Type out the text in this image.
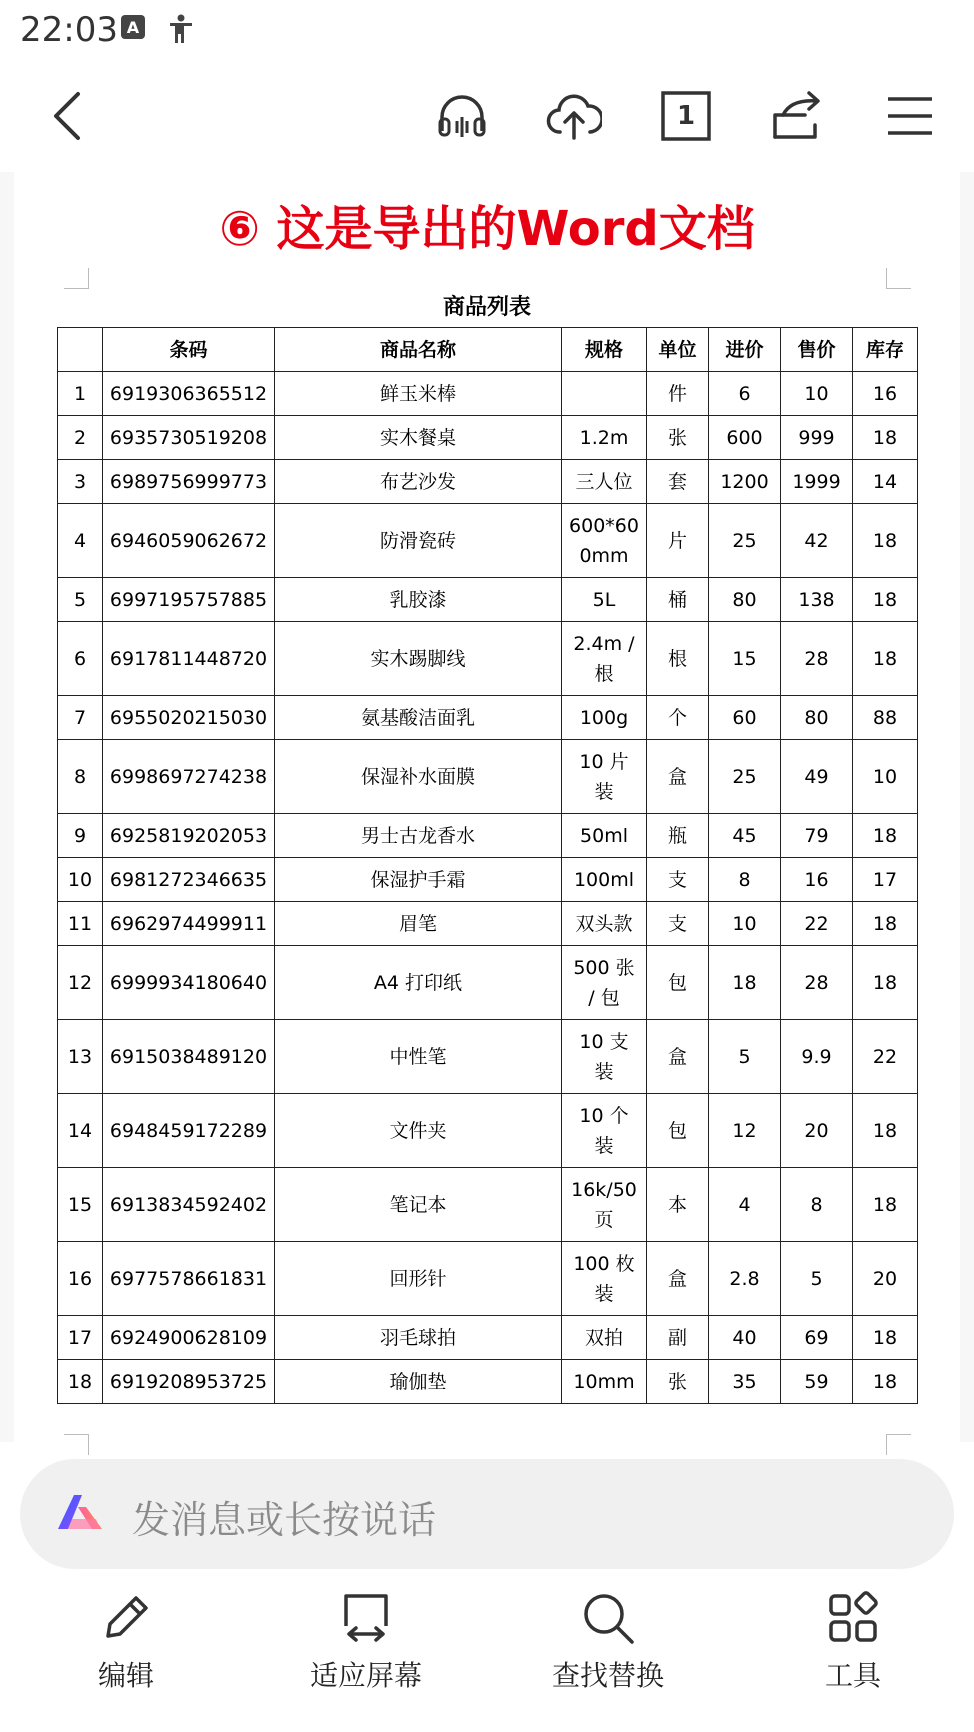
22:03 A
1
⑥ 这是导出的Word文档
商品列表
	条码	商品名称	规格	单位	进价	售价	库存
1	6919306365512	鲜玉米棒		件	6	10	16
2	6935730519208	实木餐桌	1.2m	张	600	999	18
3	6989756999773	布艺沙发	三人位	套	1200	1999	14
4	6946059062672	防滑瓷砖	600*600mm	片	25	42	18
5	6997195757885	乳胶漆	5L	桶	80	138	18
6	6917811448720	实木踢脚线	2.4m / 根	根	15	28	18
7	6955020215030	氨基酸洁面乳	100g	个	60	80	88
8	6998697274238	保湿补水面膜	10 片 装	盒	25	49	10
9	6925819202053	男士古龙香水	50ml	瓶	45	79	18
10	6981272346635	保湿护手霜	100ml	支	8	16	17
11	6962974499911	眉笔	双头款	支	10	22	18
12	6999934180640	A4 打印纸	500 张 / 包	包	18	28	18
13	6915038489120	中性笔	10 支 装	盒	5	9.9	22
14	6948459172289	文件夹	10 个 装	包	12	20	18
15	6913834592402	笔记本	16k/50 页	本	4	8	18
16	6977578661831	回形针	100 枚 装	盒	2.8	5	20
17	6924900628109	羽毛球拍	双拍	副	40	69	18
18	6919208953725	瑜伽垫	10mm	张	35	59	18
发消息或长按说话
编辑	适应屏幕	查找替换	工具
